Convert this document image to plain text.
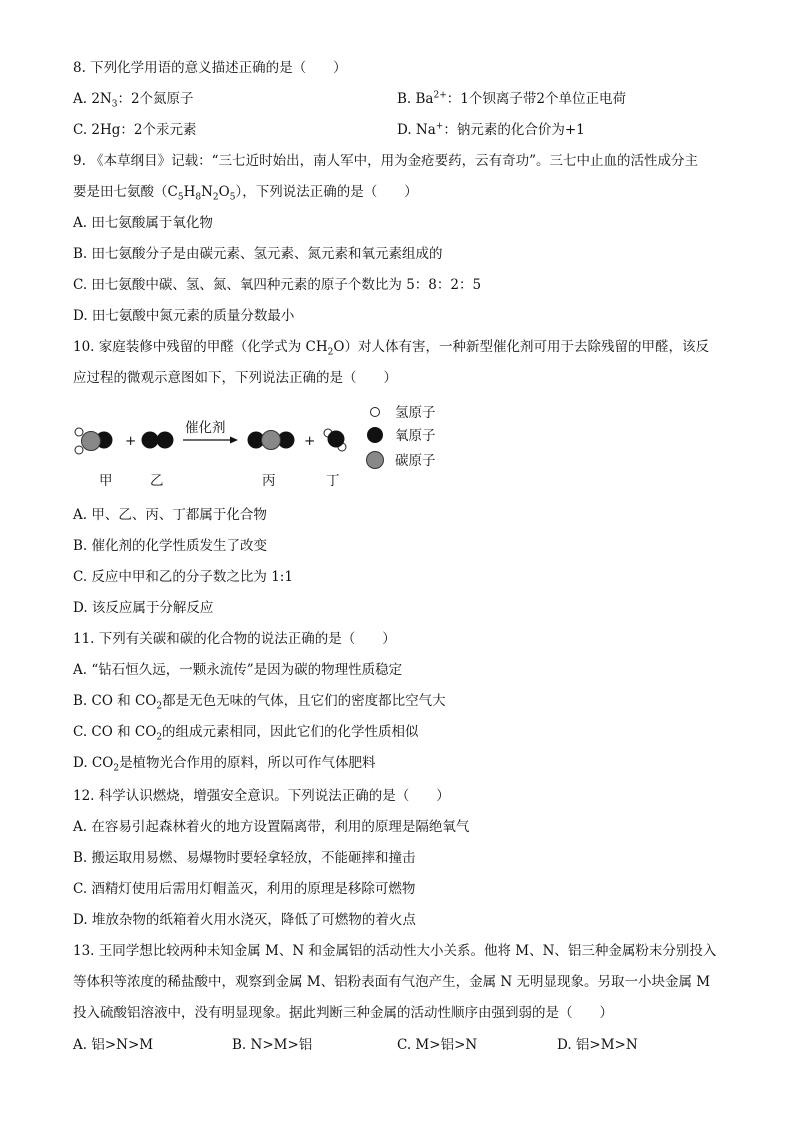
8. 下列化学用语的意义描述正确的是（　　）
A. $2N_3$：2个氮原子	B. $Ba^{2+}$：1个钡离子带2个单位正电荷
C. 2Hg：2个汞元素	D. Na+：钠元素的化合价为+1
9. 《本草纲目》记载：“三七近时始出，南人军中，用为金疮要药，云有奇功”。三七中止血的活性成分主
要是田七氨酸$(C_5H_8N_2O_5)$，下列说法正确的是（　　）
A. 田七氨酸属于氧化物
B. 田七氨酸分子是由碳元素、氢元素、氮元素和氧元素组成的
C. 田七氨酸中碳、氢、氮、氧四种元素的原子个数比为 5：8：2：5
D. 田七氨酸中氮元素的质量分数最小
10. 家庭装修中残留的甲醛（化学式为 $CH_2O$）对人体有害，一种新型催化剂可用于去除残留的甲醛，该反
应过程的微观示意图如下，下列说法正确的是（　　）
+
催化剂
+
甲	乙	丙	丁
氢原子
氧原子
碳原子
A. 甲、乙、丙、丁都属于化合物
B. 催化剂的化学性质发生了改变
C. 反应中甲和乙的分子数之比为 1:1
D. 该反应属于分解反应
11. 下列有关碳和碳的化合物的说法正确的是（　　）
A. “钻石恒久远，一颗永流传”是因为碳的物理性质稳定
B. CO 和 $CO_2$都是无色无味的气体，且它们的密度都比空气大
C. CO 和 $CO_2$的组成元素相同，因此它们的化学性质相似
D. $CO_2$是植物光合作用的原料，所以可作气体肥料
12. 科学认识燃烧，增强安全意识。下列说法正确的是（　　）
A. 在容易引起森林着火的地方设置隔离带，利用的原理是隔绝氧气
B. 搬运取用易燃、易爆物时要轻拿轻放，不能砸摔和撞击
C. 酒精灯使用后需用灯帽盖灭，利用的原理是移除可燃物
D. 堆放杂物的纸箱着火用水浇灭，降低了可燃物的着火点
13. 王同学想比较两种未知金属 M、N 和金属铝的活动性大小关系。他将 M、N、铝三种金属粉末分别投入
等体积等浓度的稀盐酸中，观察到金属 M、铝粉表面有气泡产生，金属 N 无明显现象。另取一小块金属 M
投入硫酸铝溶液中，没有明显现象。据此判断三种金属的活动性顺序由强到弱的是（　　）
A. 铝>N>M	B. N>M>铝	C. M>铝>N	D. 铝>M>N
